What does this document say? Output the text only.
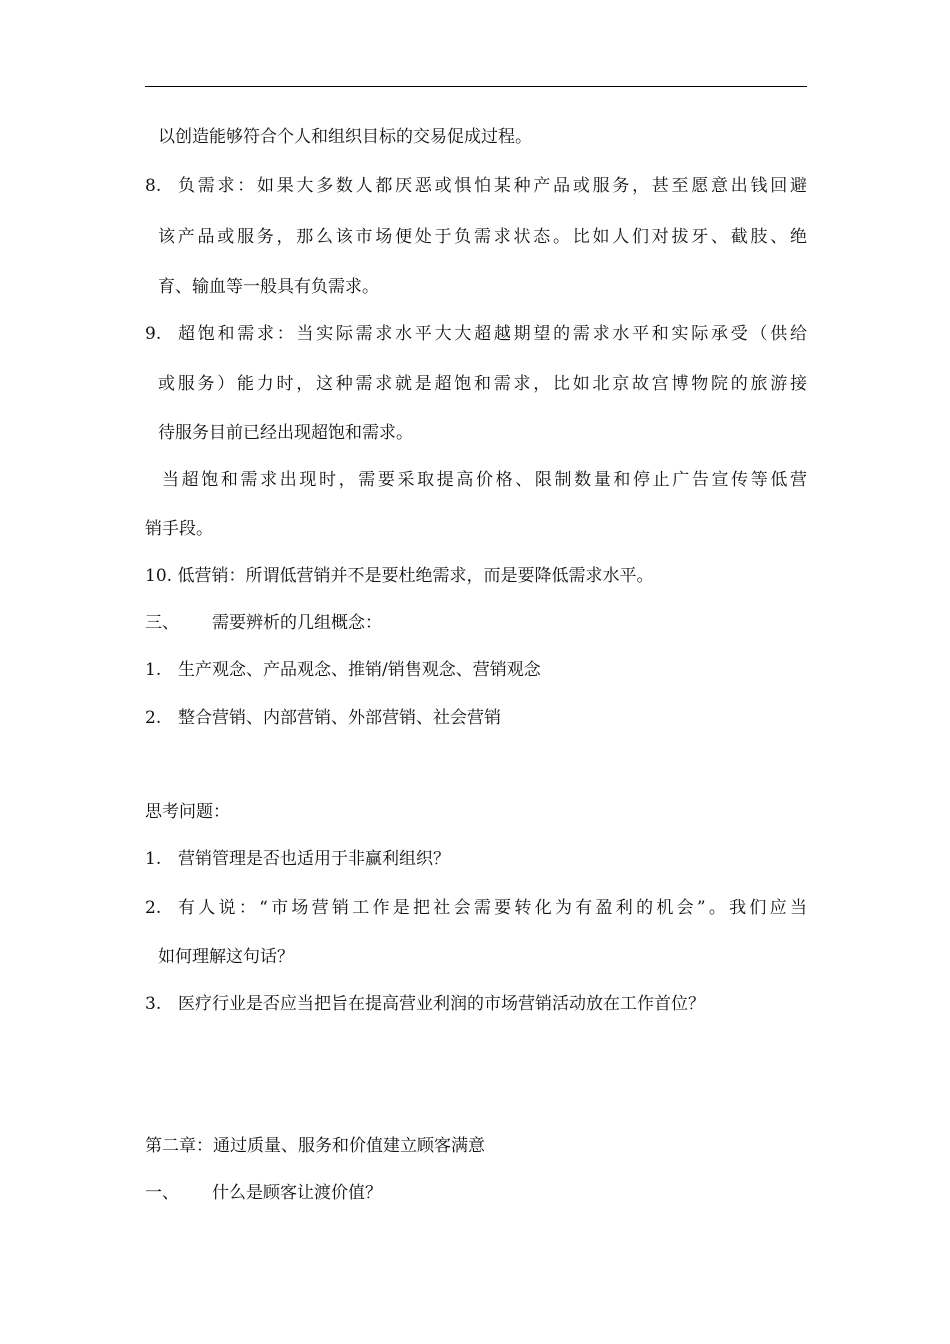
以创造能够符合个人和组织目标的交易促成过程。
8. 负需求：如果大多数人都厌恶或惧怕某种产品或服务，甚至愿意出钱回避
该产品或服务，那么该市场便处于负需求状态。比如人们对拔牙、截肢、绝
育、输血等一般具有负需求。
9. 超饱和需求：当实际需求水平大大超越期望的需求水平和实际承受（供给
或服务）能力时，这种需求就是超饱和需求，比如北京故宫博物院的旅游接
待服务目前已经出现超饱和需求。
当超饱和需求出现时，需要采取提高价格、限制数量和停止广告宣传等低营
销手段。
10. 低营销：所谓低营销并不是要杜绝需求，而是要降低需求水平。
三、 需要辨析的几组概念：
1. 生产观念、产品观念、推销/销售观念、营销观念
2. 整合营销、内部营销、外部营销、社会营销
思考问题：
1. 营销管理是否也适用于非赢利组织？
2. 有人说：“市场营销工作是把社会需要转化为有盈利的机会”。我们应当
如何理解这句话？
3. 医疗行业是否应当把旨在提高营业利润的市场营销活动放在工作首位？
第二章：通过质量、服务和价值建立顾客满意
一、 什么是顾客让渡价值？
